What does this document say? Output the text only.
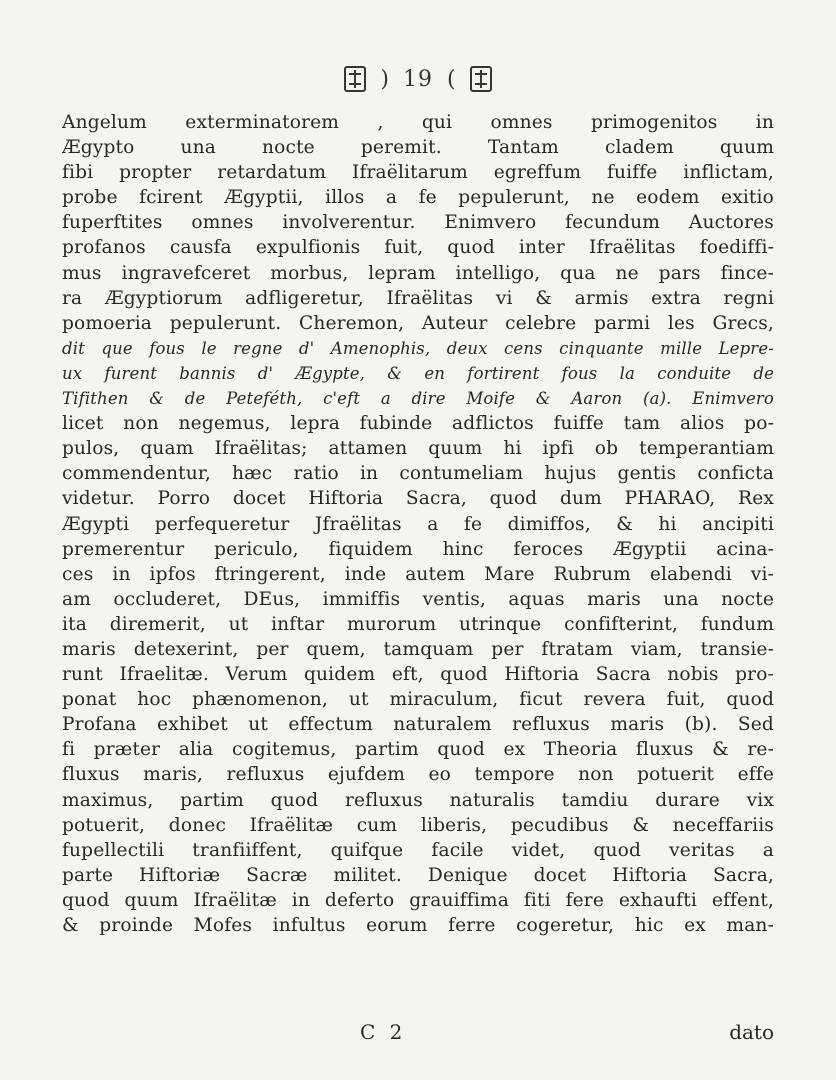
) 19 (
Angelum exterminatorem , qui omnes primogenitos in
Ægypto una nocte peremit. Tantam cladem quum
fibi propter retardatum Ifraëlitarum egreffum fuiffe inflictam,
probe fcirent Ægyptii, illos a fe pepulerunt, ne eodem exitio
fuperftites omnes involverentur. Enimvero fecundum Auctores
profanos causfa expulfionis fuit, quod inter Ifraëlitas foediffi-
mus ingravefceret morbus, lepram intelligo, qua ne pars fince-
ra Ægyptiorum adfligeretur, Ifraëlitas vi & armis extra regni
pomoeria pepulerunt. Cheremon, Auteur celebre parmi les Grecs,
dit que fous le regne d' Amenophis, deux cens cinquante mille Lepre-
ux furent bannis d' Ægypte, & en fortirent fous la conduite de
Tifithen & de Peteféth, c'eft a dire Moife & Aaron (a). Enimvero
licet non negemus, lepra fubinde adflictos fuiffe tam alios po-
pulos, quam Ifraëlitas; attamen quum hi ipfi ob temperantiam
commendentur, hæc ratio in contumeliam hujus gentis conficta
videtur. Porro docet Hiftoria Sacra, quod dum PHARAO, Rex
Ægypti perfequeretur Jfraëlitas a fe dimiffos, & hi ancipiti
premerentur periculo, fiquidem hinc feroces Ægyptii acina-
ces in ipfos ftringerent, inde autem Mare Rubrum elabendi vi-
am occluderet, DEus, immiffis ventis, aquas maris una nocte
ita diremerit, ut inftar murorum utrinque confifterint, fundum
maris detexerint, per quem, tamquam per ftratam viam, transie-
runt Ifraelitæ. Verum quidem eft, quod Hiftoria Sacra nobis pro-
ponat hoc phænomenon, ut miraculum, ficut revera fuit, quod
Profana exhibet ut effectum naturalem refluxus maris (b). Sed
fi præter alia cogitemus, partim quod ex Theoria fluxus & re-
fluxus maris, refluxus ejufdem eo tempore non potuerit effe
maximus, partim quod refluxus naturalis tamdiu durare vix
potuerit, donec Ifraëlitæ cum liberis, pecudibus & neceffariis
fupellectili tranfiiffent, quifque facile videt, quod veritas a
parte Hiftoriæ Sacræ militet. Denique docet Hiftoria Sacra,
quod quum Ifraëlitæ in deferto grauiffima fiti fere exhaufti effent,
& proinde Mofes infultus eorum ferre cogeretur, hic ex man-
C 2	dato
